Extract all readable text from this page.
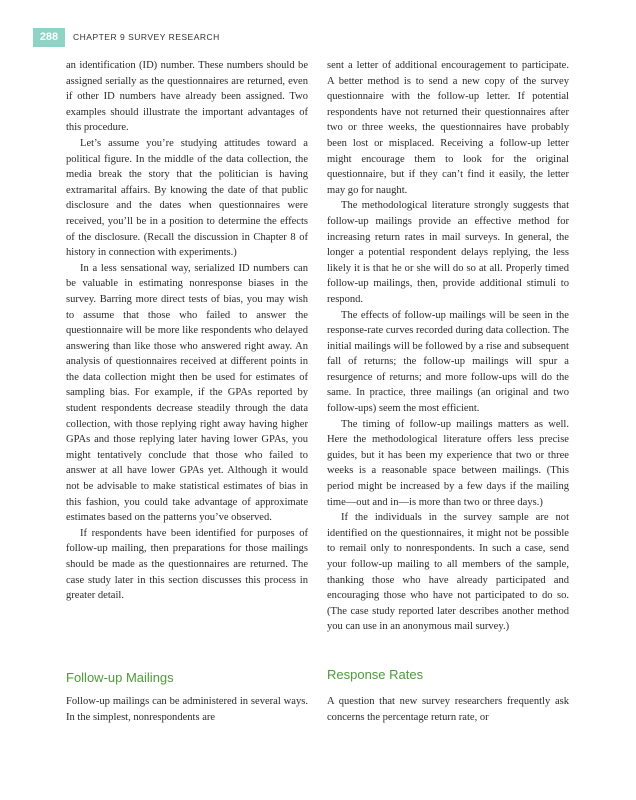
288	CHAPTER 9 SURVEY RESEARCH

an identification (ID) number. These numbers should be assigned serially as the questionnaires are returned, even if other ID numbers have already been assigned. Two examples should illustrate the important advantages of this procedure.

Let’s assume you’re studying attitudes toward a political figure. In the middle of the data collection, the media break the story that the politician is having extramarital affairs. By knowing the date of that public disclosure and the dates when questionnaires were received, you’ll be in a position to determine the effects of the disclosure. (Recall the discussion in Chapter 8 of history in connection with experiments.)

In a less sensational way, serialized ID numbers can be valuable in estimating nonresponse biases in the survey. Barring more direct tests of bias, you may wish to assume that those who failed to answer the questionnaire will be more like respondents who delayed answering than like those who answered right away. An analysis of questionnaires received at different points in the data collection might then be used for estimates of sampling bias. For example, if the GPAs reported by student respondents decrease steadily through the data collection, with those replying right away having higher GPAs and those replying later having lower GPAs, you might tentatively conclude that those who failed to answer at all have lower GPAs yet. Although it would not be advisable to make statistical estimates of bias in this fashion, you could take advantage of approximate estimates based on the patterns you’ve observed.

If respondents have been identified for purposes of follow-up mailing, then preparations for those mailings should be made as the questionnaires are returned. The case study later in this section discusses this process in greater detail.

Follow-up Mailings

Follow-up mailings can be administered in several ways. In the simplest, nonrespondents are

sent a letter of additional encouragement to participate. A better method is to send a new copy of the survey questionnaire with the follow-up letter. If potential respondents have not returned their questionnaires after two or three weeks, the questionnaires have probably been lost or misplaced. Receiving a follow-up letter might encourage them to look for the original questionnaire, but if they can’t find it easily, the letter may go for naught.

The methodological literature strongly suggests that follow-up mailings provide an effective method for increasing return rates in mail surveys. In general, the longer a potential respondent delays replying, the less likely it is that he or she will do so at all. Properly timed follow-up mailings, then, provide additional stimuli to respond.

The effects of follow-up mailings will be seen in the response-rate curves recorded during data collection. The initial mailings will be followed by a rise and subsequent fall of returns; the follow-up mailings will spur a resurgence of returns; and more follow-ups will do the same. In practice, three mailings (an original and two follow-ups) seem the most efficient.

The timing of follow-up mailings matters as well. Here the methodological literature offers less precise guides, but it has been my experience that two or three weeks is a reasonable space between mailings. (This period might be increased by a few days if the mailing time—out and in—is more than two or three days.)

If the individuals in the survey sample are not identified on the questionnaires, it might not be possible to remail only to nonrespondents. In such a case, send your follow-up mailing to all members of the sample, thanking those who have already participated and encouraging those who have not participated to do so. (The case study reported later describes another method you can use in an anonymous mail survey.)

Response Rates

A question that new survey researchers frequently ask concerns the percentage return rate, or
